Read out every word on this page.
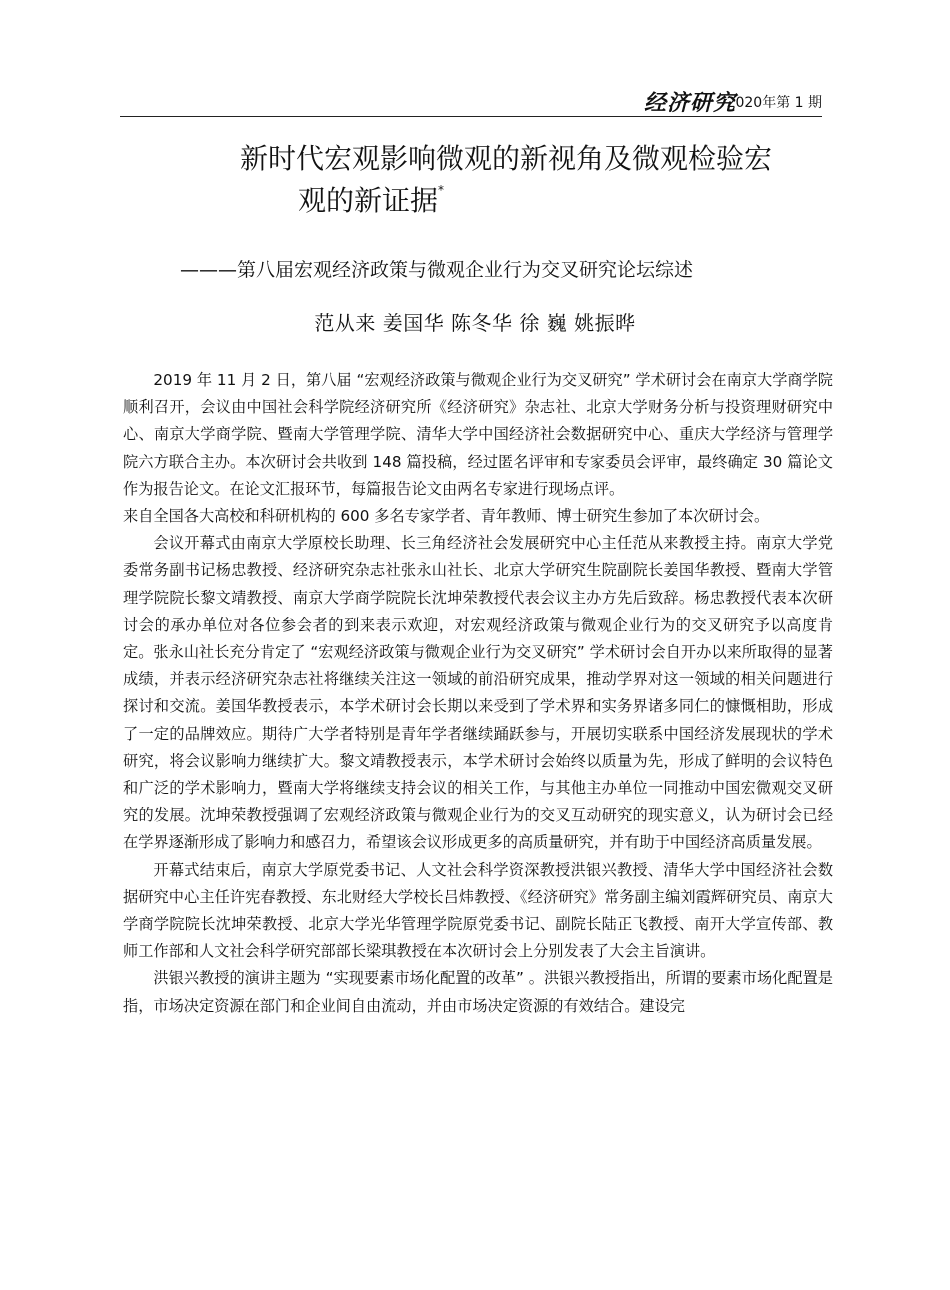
经济研究
2020年第 1 期
新时代宏观影响微观的新视角及微观检验宏
观的新证据*
———第八届宏观经济政策与微观企业行为交叉研究论坛综述
范从来 姜国华 陈冬华 徐 巍 姚振晔

2019 年 11 月 2 日，第八届 “宏观经济政策与微观企业行为交叉研究” 学术研讨会在南京大学商学院顺利召开，会议由中国社会科学院经济研究所《经济研究》杂志社、北京大学财务分析与投资理财研究中心、南京大学商学院、暨南大学管理学院、清华大学中国经济社会数据研究中心、重庆大学经济与管理学院六方联合主办。本次研讨会共收到 148 篇投稿，经过匿名评审和专家委员会评审，最终确定 30 篇论文作为报告论文。在论文汇报环节，每篇报告论文由两名专家进行现场点评。

来自全国各大高校和科研机构的 600 多名专家学者、青年教师、博士研究生参加了本次研讨会。

会议开幕式由南京大学原校长助理、长三角经济社会发展研究中心主任范从来教授主持。南京大学党委常务副书记杨忠教授、经济研究杂志社张永山社长、北京大学研究生院副院长姜国华教授、暨南大学管理学院院长黎文靖教授、南京大学商学院院长沈坤荣教授代表会议主办方先后致辞。杨忠教授代表本次研讨会的承办单位对各位参会者的到来表示欢迎，对宏观经济政策与微观企业行为的交叉研究予以高度肯定。张永山社长充分肯定了 “宏观经济政策与微观企业行为交叉研究” 学术研讨会自开办以来所取得的显著成绩，并表示经济研究杂志社将继续关注这一领域的前沿研究成果，推动学界对这一领域的相关问题进行探讨和交流。姜国华教授表示，本学术研讨会长期以来受到了学术界和实务界诸多同仁的慷慨相助，形成了一定的品牌效应。期待广大学者特别是青年学者继续踊跃参与，开展切实联系中国经济发展现状的学术研究，将会议影响力继续扩大。黎文靖教授表示，本学术研讨会始终以质量为先，形成了鲜明的会议特色和广泛的学术影响力，暨南大学将继续支持会议的相关工作，与其他主办单位一同推动中国宏微观交叉研究的发展。沈坤荣教授强调了宏观经济政策与微观企业行为的交叉互动研究的现实意义，认为研讨会已经在学界逐渐形成了影响力和感召力，希望该会议形成更多的高质量研究，并有助于中国经济高质量发展。

开幕式结束后，南京大学原党委书记、人文社会科学资深教授洪银兴教授、清华大学中国经济社会数据研究中心主任许宪春教授、东北财经大学校长吕炜教授、《经济研究》常务副主编刘霞辉研究员、南京大学商学院院长沈坤荣教授、北京大学光华管理学院原党委书记、副院长陆正飞教授、南开大学宣传部、教师工作部和人文社会科学研究部部长梁琪教授在本次研讨会上分别发表了大会主旨演讲。

洪银兴教授的演讲主题为 “实现要素市场化配置的改革” 。洪银兴教授指出，所谓的要素市场化配置是指，市场决定资源在部门和企业间自由流动，并由市场决定资源的有效结合。建设完
